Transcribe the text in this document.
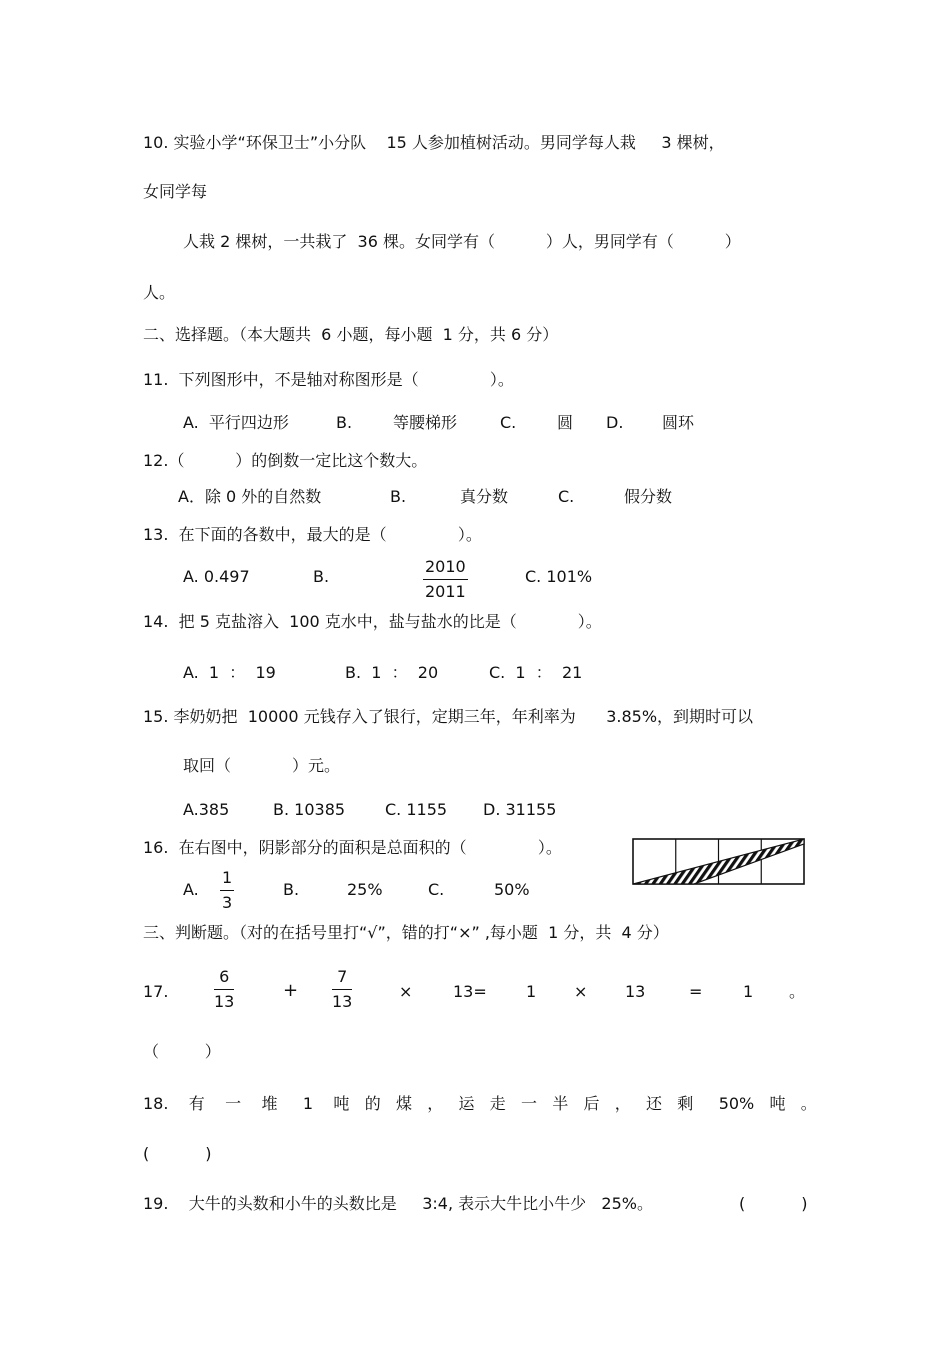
10. 实验小学“环保卫士”小分队    15 人参加植树活动。男同学每人栽     3 棵树，
女同学每
人栽 2 棵树，一共栽了  36 棵。女同学有（          ）人，男同学有（          ）
人。
二、选择题。（本大题共  6 小题，每小题  1 分，共 6 分）
11.  下列图形中，不是轴对称图形是（              ）。
A.  平行四边形	B.	等腰梯形	C.	圆 D. 圆环
12.（          ）的倒数一定比这个数大。
A．除 0 外的自然数	B.	真分数	C.	假分数
13.  在下面的各数中，最大的是（              ）。
A. 0.497	B.	$\frac{2010}{2011}$	C. 101%
14.  把 5 克盐溶入  100 克水中，盐与盐水的比是（            ）。
A.  1  ：  19	B.  1  ：  20	C.  1  ：  21
15. 李奶奶把  10000 元钱存入了银行，定期三年，年利率为      3.85%，到期时可以
取回（            ）元。
A.385	B. 10385 C. 1155 D. 31155
16.  在右图中，阴影部分的面积是总面积的（              ）。
A. $\frac{1}{3}$	B.	25%	C.	50%
三、判断题。（对的在括号里打“√”，错的打“×” ,每小题  1 分，共  4 分）
17.	$\frac{6}{13}$	+ $\frac{7}{13}$	×	13= 1 × 13	=	1 。
（         ）
18.    有    一    堆     1    吨   的   煤   ，   运   走   一   半   后   ，   还   剩     50%   吨   。
(           )
19.    大牛的头数和小牛的头数比是     3:4, 表示大牛比小牛少   25%。	(           )
